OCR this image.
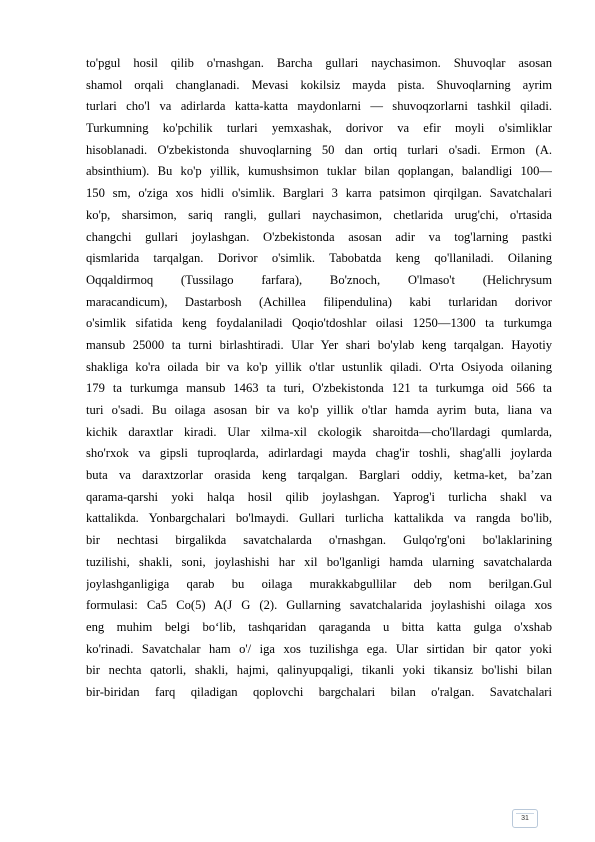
to'pgul hosil qilib o'rnashgan. Barcha gullari naychasimon. Shuvoqlar asosan
shamol orqali changlanadi. Mevasi kokilsiz mayda pista. Shuvoqlarning ayrim
turlari cho'l va adirlarda katta-katta maydonlarni — shuvoqzorlarni tashkil qiladi.
Turkumning ko'pchilik turlari yemxashak, dorivor va efir moyli o'simliklar
hisoblanadi. O'zbekistonda shuvoqlarning 50 dan ortiq turlari o'sadi. Ermon (A.
absinthium). Bu ko'p yillik, kumushsimon tuklar bilan qoplangan, balandligi 100—
150 sm, o'ziga xos hidli o'simlik. Barglari 3 karra patsimon qirqilgan. Savatchalari
ko'p, sharsimon, sariq rangli, gullari naychasimon, chetlarida urug'chi, o'rtasida
changchi gullari joylashgan. O'zbekistonda asosan adir va tog'larning pastki
qismlarida tarqalgan. Dorivor o'simlik. Tabobatda keng qo'llaniladi. Oilaning
Oqqaldirmoq (Tussilago farfara), Bo'znoch, O'lmaso't (Helichrysum
maracandicum), Dastarbosh (Achillea filipendulina) kabi turlaridan dorivor
o'simlik sifatida keng foydalaniladi Qoqio'tdoshlar oilasi 1250—1300 ta turkumga
mansub 25000 ta turni birlashtiradi. Ular Yer shari bo'ylab keng tarqalgan. Hayotiy
shakliga ko'ra oilada bir va ko'p yillik o'tlar ustunlik qiladi. O'rta Osiyoda oilaning
179 ta turkumga mansub 1463 ta turi, O'zbekistonda 121 ta turkumga oid 566 ta
turi o'sadi. Bu oilaga asosan bir va ko'p yillik o'tlar hamda ayrim buta, liana va
kichik daraxtlar kiradi. Ular xilma-xil ckologik sharoitda—cho'llardagi qumlarda,
sho'rxok va gipsli tuproqlarda, adirlardagi mayda chag'ir toshli, shag'alli joylarda
buta va daraxtzorlar orasida keng tarqalgan. Barglari oddiy, ketma-ket, ba’zan
qarama-qarshi yoki halqa hosil qilib joylashgan. Yaprog'i turlicha shakl va
kattalikda. Yonbargchalari bo'lmaydi. Gullari turlicha kattalikda va rangda bo'lib,
bir nechtasi birgalikda savatchalarda o'rnashgan. Gulqo'rg'oni bo'laklarining
tuzilishi, shakli, soni, joylashishi har xil bo'lganligi hamda ularning savatchalarda
joylashganligiga qarab bu oilaga murakkabgullilar deb nom berilgan.Gul
formulasi: Ca5 Co(5) A(J G (2). Gullarning savatchalarida joylashishi oilaga xos
eng muhim belgi bo‘lib, tashqaridan qaraganda u bitta katta gulga o'xshab
ko'rinadi. Savatchalar ham o'/ iga xos tuzilishga ega. Ular sirtidan bir qator yoki
bir nechta qatorli, shakli, hajmi, qalinyupqaligi, tikanli yoki tikansiz bo'lishi bilan
bir-biridan farq qiladigan qoplovchi bargchalari bilan o'ralgan. Savatchalari
31
